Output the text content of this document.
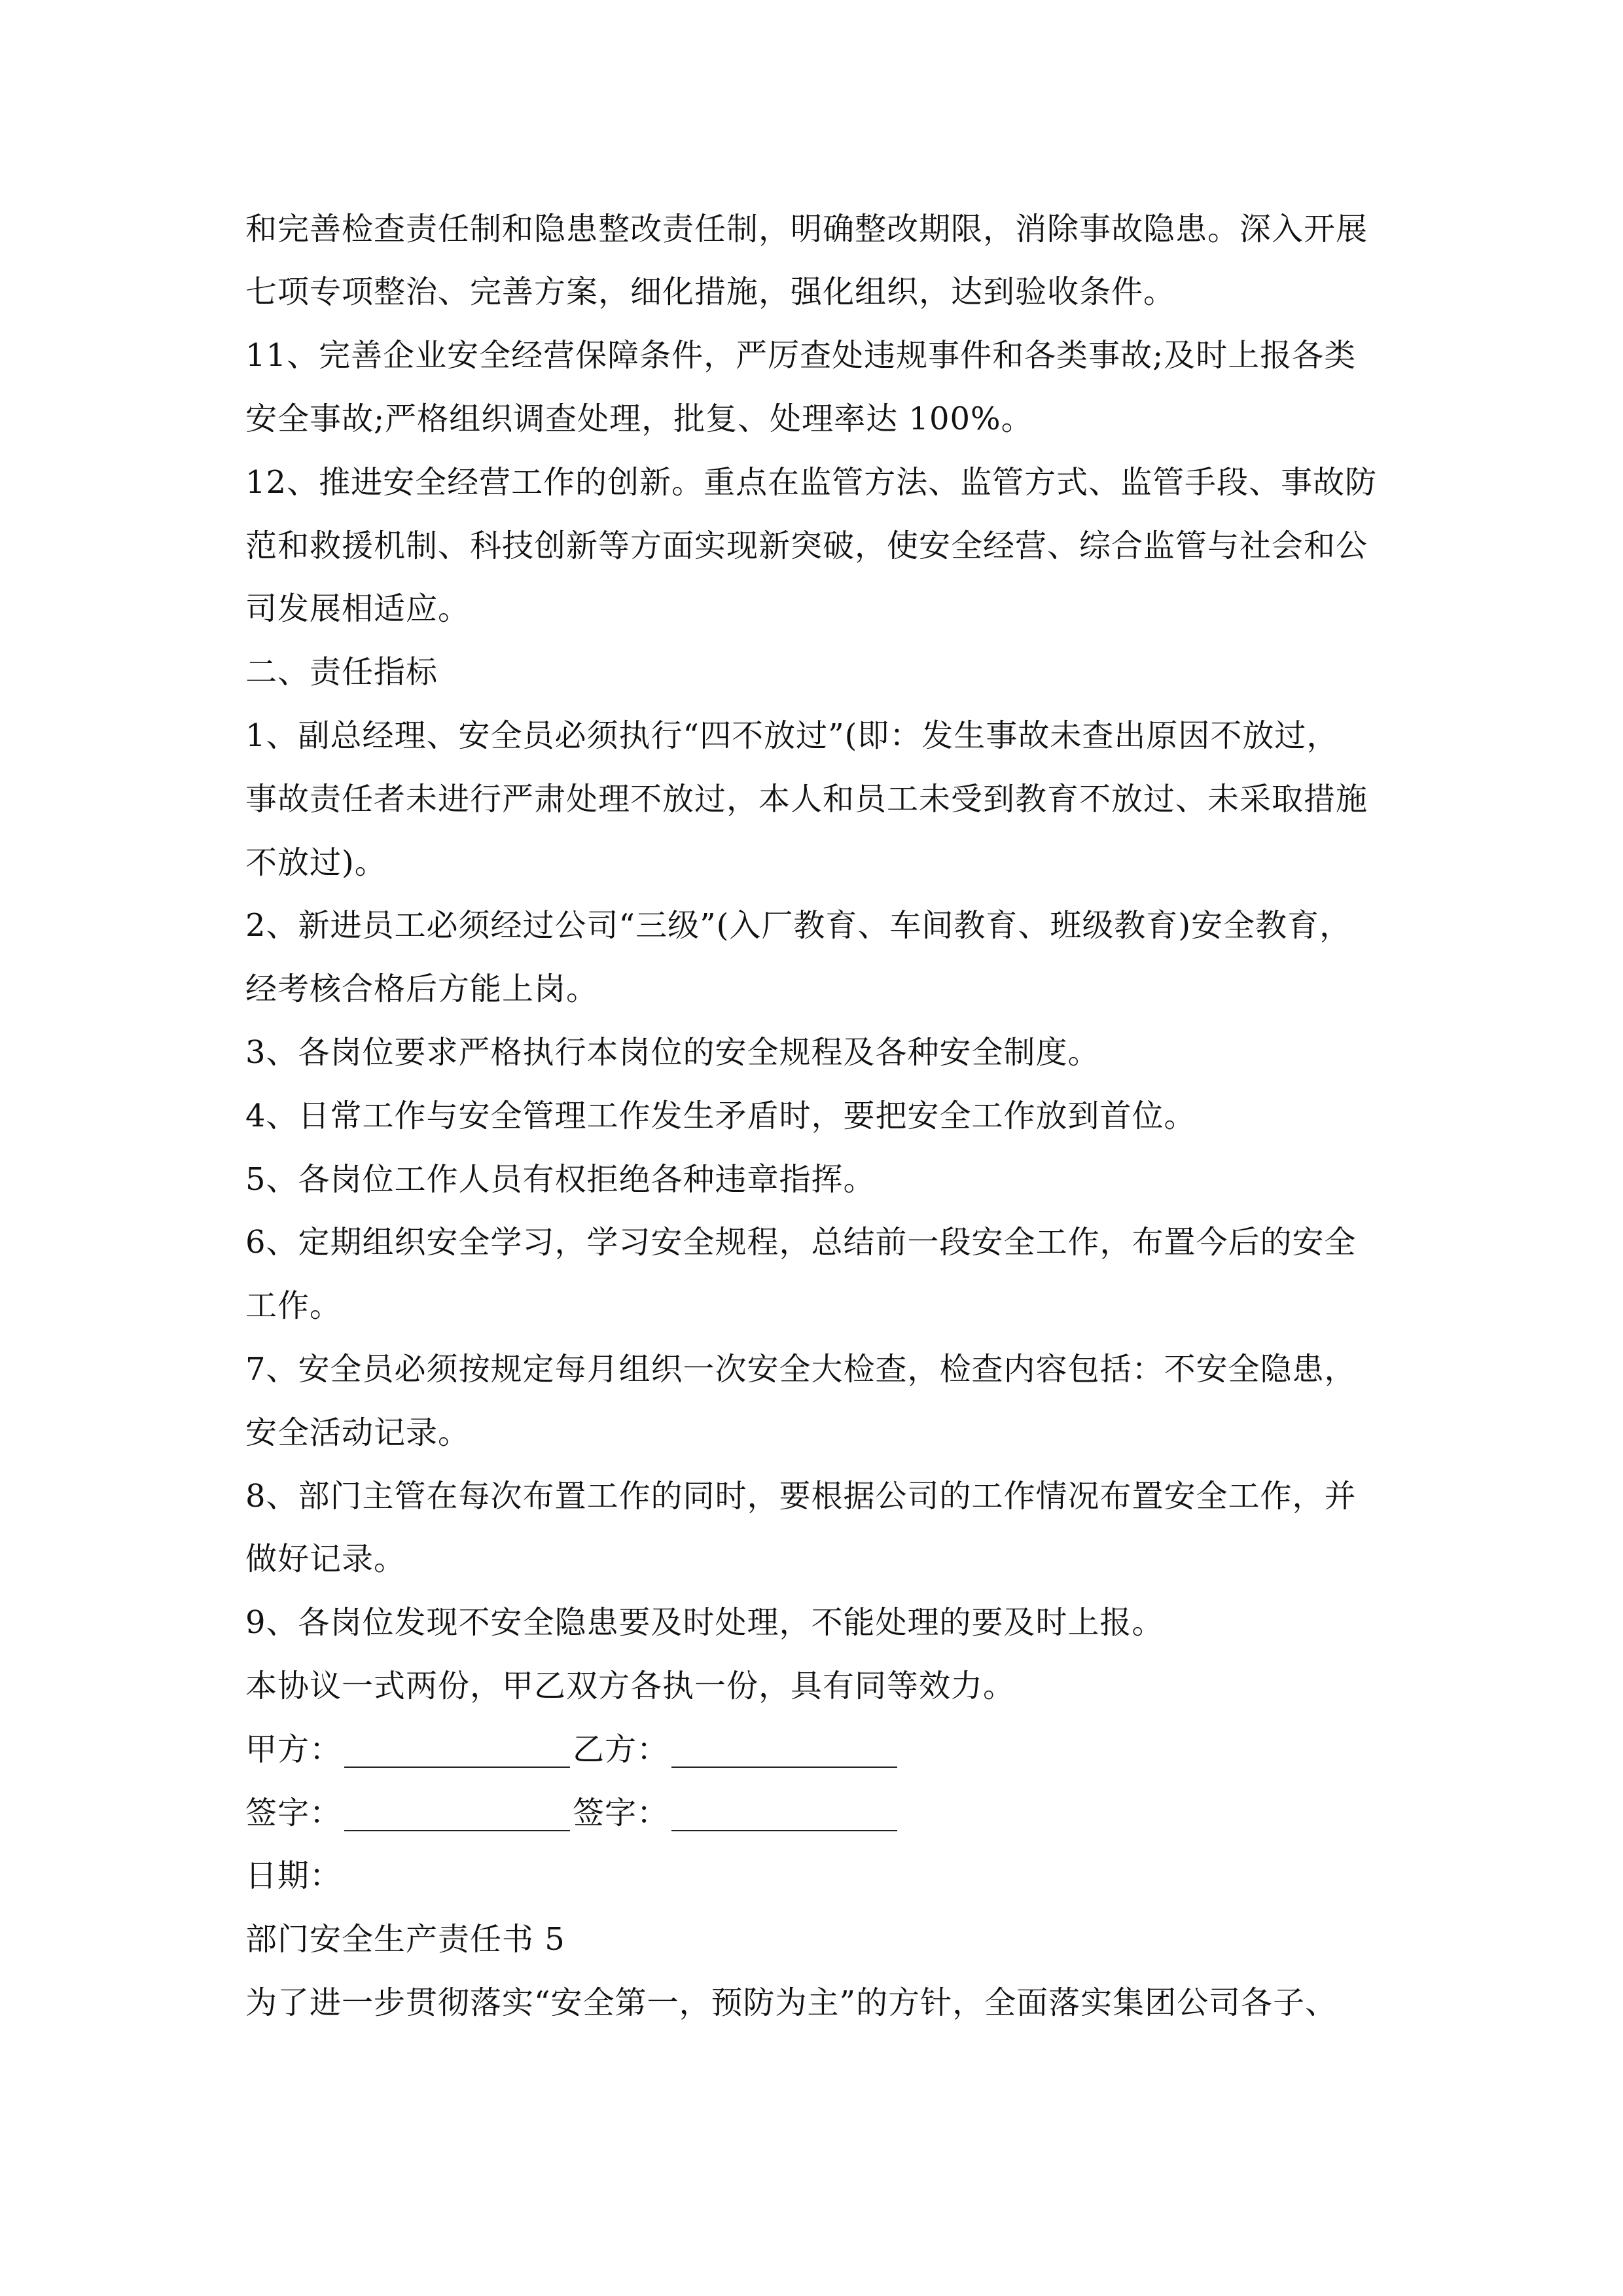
和完善检查责任制和隐患整改责任制，明确整改期限，消除事故隐患。深入开展
七项专项整治、完善方案，细化措施，强化组织，达到验收条件。
11、完善企业安全经营保障条件，严厉查处违规事件和各类事故;及时上报各类
安全事故;严格组织调查处理，批复、处理率达 100%。
12、推进安全经营工作的创新。重点在监管方法、监管方式、监管手段、事故防
范和救援机制、科技创新等方面实现新突破，使安全经营、综合监管与社会和公
司发展相适应。
二、责任指标
1、副总经理、安全员必须执行“四不放过”(即：发生事故未查出原因不放过，
事故责任者未进行严肃处理不放过，本人和员工未受到教育不放过、未采取措施
不放过)。
2、新进员工必须经过公司“三级”(入厂教育、车间教育、班级教育)安全教育，
经考核合格后方能上岗。
3、各岗位要求严格执行本岗位的安全规程及各种安全制度。
4、日常工作与安全管理工作发生矛盾时，要把安全工作放到首位。
5、各岗位工作人员有权拒绝各种违章指挥。
6、定期组织安全学习，学习安全规程，总结前一段安全工作，布置今后的安全
工作。
7、安全员必须按规定每月组织一次安全大检查，检查内容包括：不安全隐患，
安全活动记录。
8、部门主管在每次布置工作的同时，要根据公司的工作情况布置安全工作，并
做好记录。
9、各岗位发现不安全隐患要及时处理，不能处理的要及时上报。
本协议一式两份，甲乙双方各执一份，具有同等效力。
甲方：	乙方：
签字：	签字：
日期：
部门安全生产责任书 5
为了进一步贯彻落实“安全第一，预防为主”的方针，全面落实集团公司各子、
